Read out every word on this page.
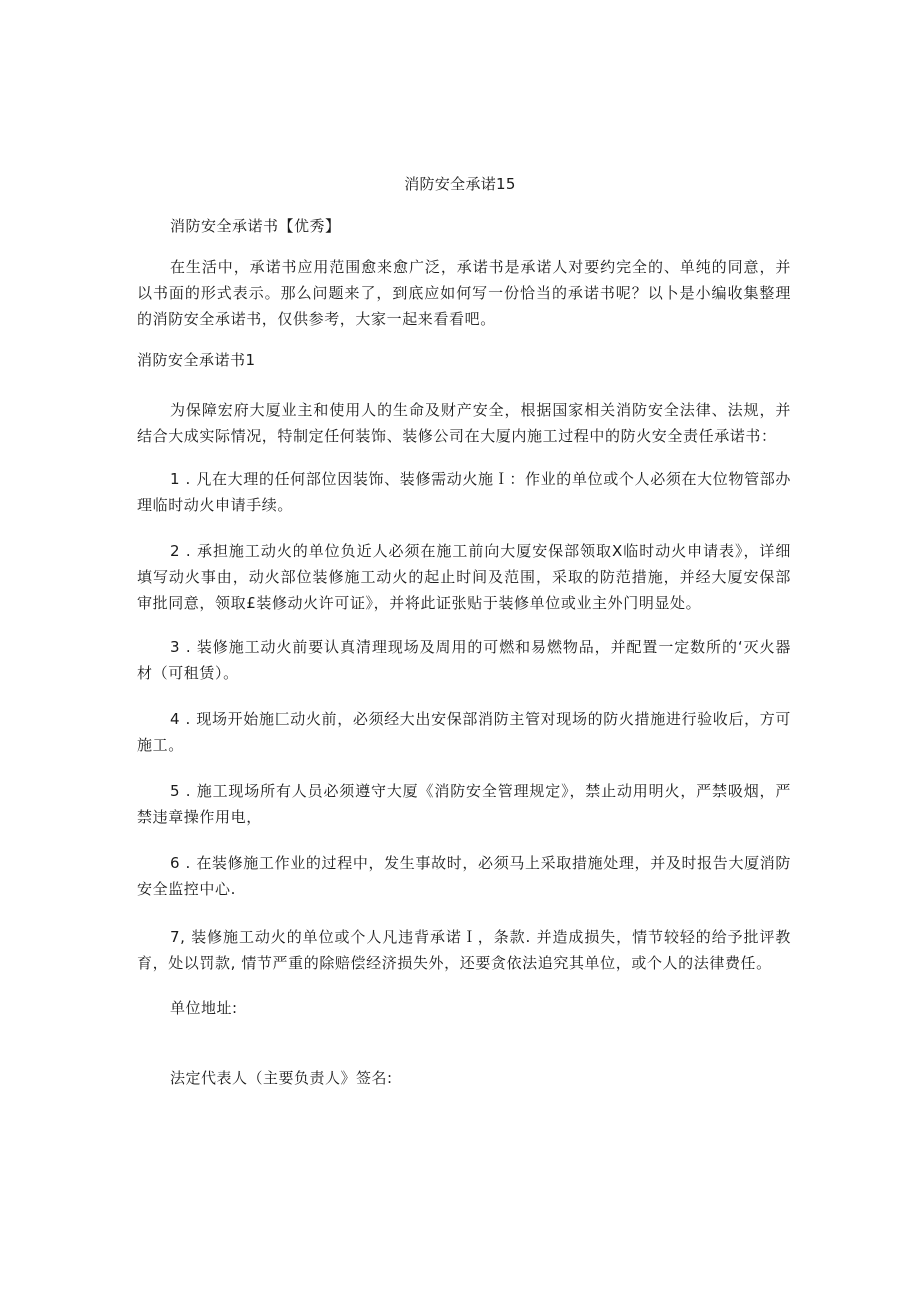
消防安全承诺15
消防安全承诺书【优秀】
在生活中，承诺书应用范围愈来愈广泛，承诺书是承诺人对要约完全的、单纯的同意，并以书面的形式表示。那么问题来了，到底应如何写一份恰当的承诺书呢？以卜是小编收集整理的消防安全承诺书，仅供参考，大家一起来看看吧。
消防安全承诺书1
为保障宏府大厦业主和使用人的生命及财产安全，根据国家相关消防安全法律、法规，并结合大成实际情况，特制定任何装饰、装修公司在大厦内施工过程中的防火安全责任承诺书：
1 . 凡在大理的任何部位因装饰、装修需动火施Ｉ：作业的单位或个人必须在大位物管部办理临时动火申请手续。
2 . 承担施工动火的单位负近人必须在施工前向大厦安保部领取X临时动火申请表》，详细填写动火事由，动火部位装修施工动火的起止时间及范围，采取的防范措施，并经大厦安保部审批同意，领取£装修动火许可证》，并将此证张贴于装修单位或业主外门明显处。
3 . 装修施工动火前要认真清理现场及周用的可燃和易燃物品，并配置一定数所的‘灭火器材（可租赁）。
4 . 现场开始施匚动火前，必须经大出安保部消防主管对现场的防火措施进行验收后，方可施工。
5 . 施工现场所有人员必须遵守大厦《消防安全管理规定》，禁止动用明火，严禁吸烟，严禁违章操作用电，
6 . 在装修施工作业的过程中，发生事故时，必须马上采取措施处理，并及时报告大厦消防安全监控中心.
7, 装修施工动火的单位或个人凡违背承诺Ｉ，条款. 并造成损失，情节较轻的给予批评教育，处以罚款, 情节严重的除赔偿经济损失外，还要贪依法追究其单位，或个人的法律费任。
单位地址:
法定代表人（主要负责人》签名:
